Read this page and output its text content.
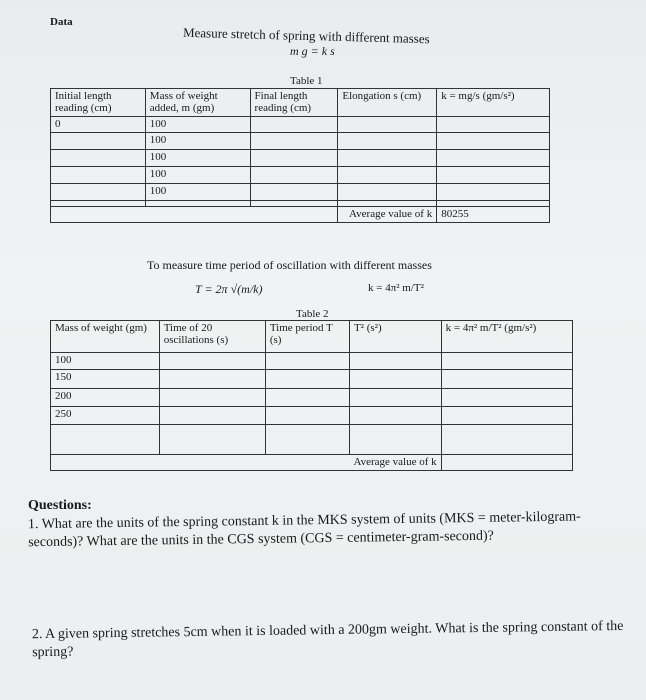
Data
Measure stretch of spring with different masses
m g = k s
Table 1
Initial length reading (cm)	Mass of weight added, m (gm)	Final length reading (cm)	Elongation s (cm)	k = mg/s (gm/s²)
0	100			
	100			
	100			
	100			
	100			

			Average value of k	80255
To measure time period of oscillation with different masses
T = 2π √(m/k)	k = 4π² m/T²
Table 2
Mass of weight (gm)	Time of 20 oscillations (s)	Time period T (s)	T² (s²)	k = 4π² m/T² (gm/s²)
100				
150				
200				
250				

			Average value of k	
Questions:
1. What are the units of the spring constant k in the MKS system of units (MKS = meter-kilogram-seconds)? What are the units in the CGS system (CGS = centimeter-gram-second)?
2. A given spring stretches 5cm when it is loaded with a 200gm weight. What is the spring constant of the spring?
